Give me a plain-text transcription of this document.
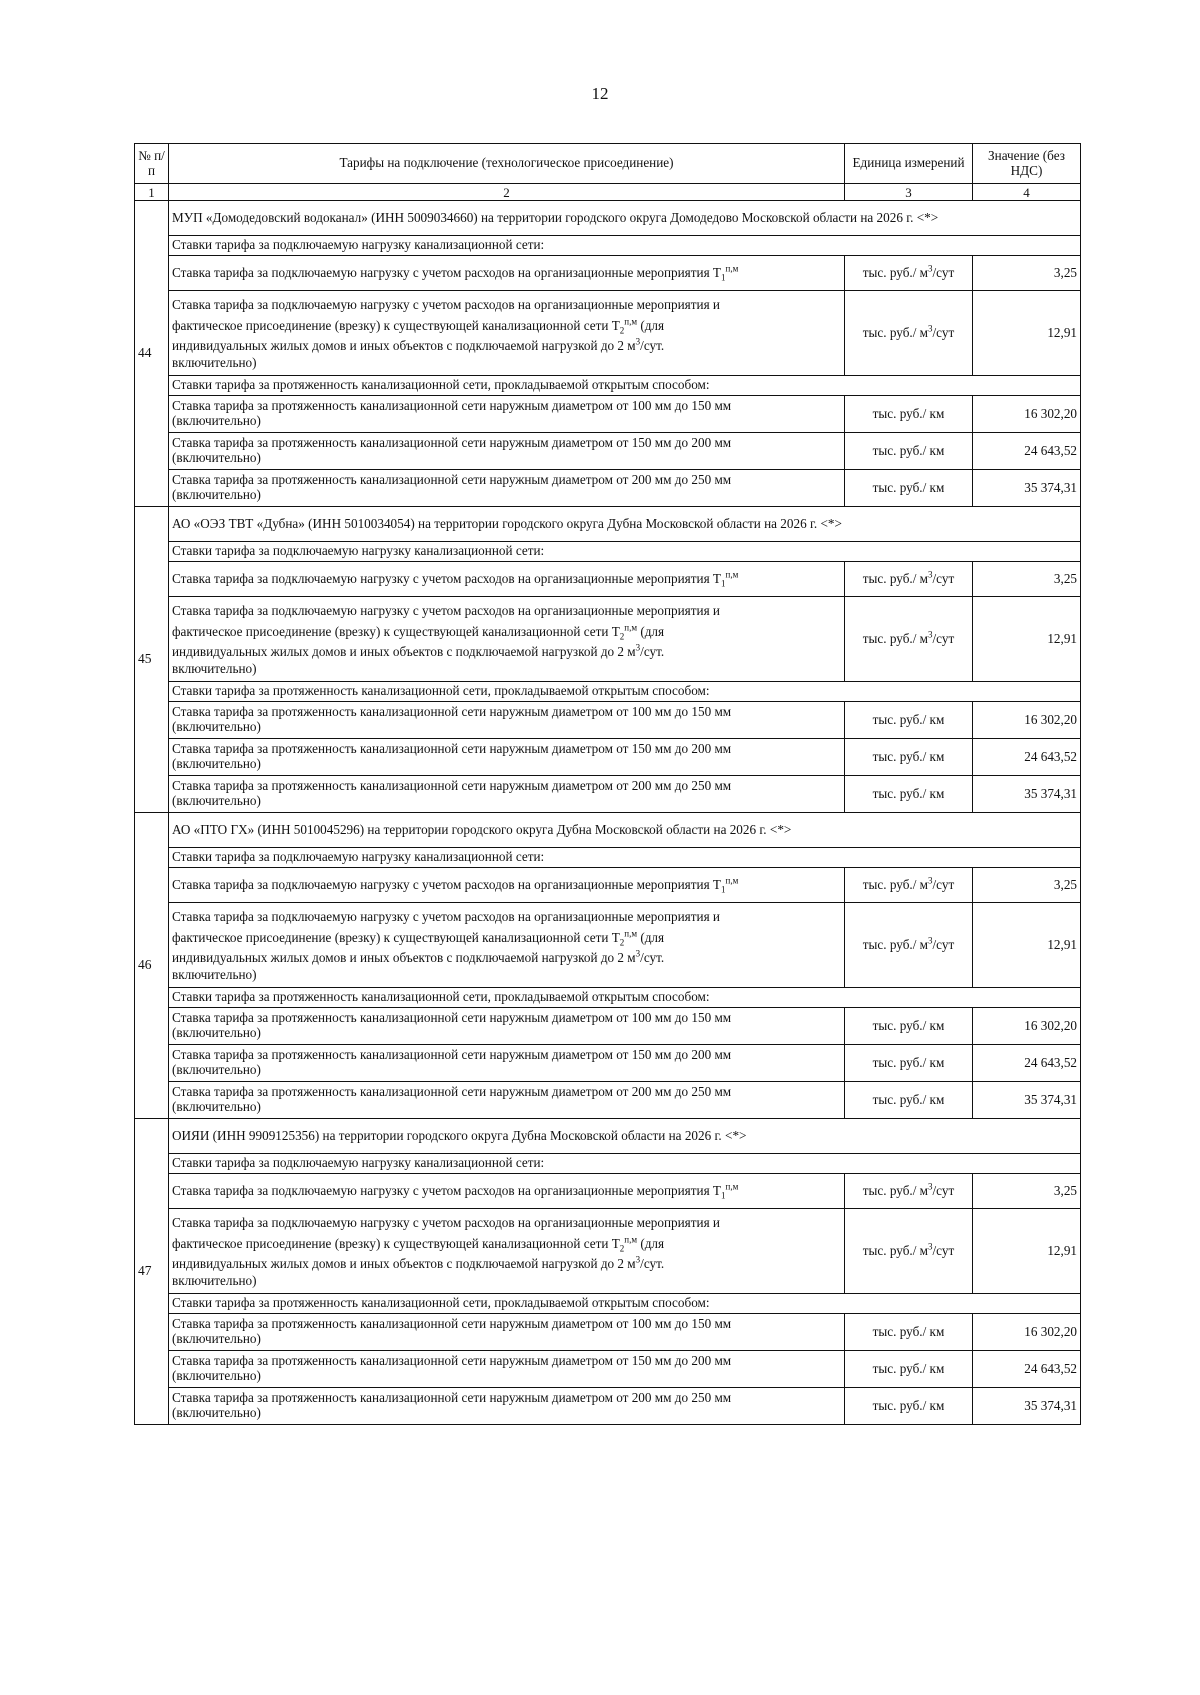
12
№ п/п	Тарифы на подключение (технологическое присоединение)	Единица измерений	Значение (без НДС)
1	2	3	4
44	МУП «Домодедовский водоканал» (ИНН 5009034660) на территории городского округа Домодедово Московской области на 2026 г. <*>		
	Ставки тарифа за подключаемую нагрузку канализационной сети:		
	Ставка тарифа за подключаемую нагрузку с учетом расходов на организационные мероприятия $T_1^{п,м}$	тыс. руб./ $м^3$/сут	3,25

	Ставка тарифа за подключаемую нагрузку с учетом расходов на организационные мероприятия и
фактическое присоединение (врезку) к существующей канализационной сети $T_2^{п,м}$ (для
индивидуальных жилых домов и иных объектов с подключаемой нагрузкой до 2 $м^3$/сут.
включительно)	тыс. руб./ $м^3$/сут	12,91
	Ставки тарифа за протяженность канализационной сети, прокладываемой открытым способом:		

	Ставка тарифа за протяженность канализационной сети наружным диаметром от 100 мм до 150 мм
(включительно)	тыс. руб./ км	16 302,20

	Ставка тарифа за протяженность канализационной сети наружным диаметром от 150 мм до 200 мм
(включительно)	тыс. руб./ км	24 643,52

	Ставка тарифа за протяженность канализационной сети наружным диаметром от 200 мм до 250 мм
(включительно)	тыс. руб./ км	35 374,31
45	АО «ОЭЗ ТВТ «Дубна» (ИНН 5010034054) на территории городского округа Дубна Московской области на 2026 г. <*>		
	Ставки тарифа за подключаемую нагрузку канализационной сети:		
	Ставка тарифа за подключаемую нагрузку с учетом расходов на организационные мероприятия $T_1^{п,м}$	тыс. руб./ $м^3$/сут	3,25

	Ставка тарифа за подключаемую нагрузку с учетом расходов на организационные мероприятия и
фактическое присоединение (врезку) к существующей канализационной сети $T_2^{п,м}$ (для
индивидуальных жилых домов и иных объектов с подключаемой нагрузкой до 2 $м^3$/сут.
включительно)	тыс. руб./ $м^3$/сут	12,91
	Ставки тарифа за протяженность канализационной сети, прокладываемой открытым способом:		

	Ставка тарифа за протяженность канализационной сети наружным диаметром от 100 мм до 150 мм
(включительно)	тыс. руб./ км	16 302,20

	Ставка тарифа за протяженность канализационной сети наружным диаметром от 150 мм до 200 мм
(включительно)	тыс. руб./ км	24 643,52

	Ставка тарифа за протяженность канализационной сети наружным диаметром от 200 мм до 250 мм
(включительно)	тыс. руб./ км	35 374,31
46	АО «ПТО ГХ» (ИНН 5010045296) на территории городского округа Дубна Московской области на 2026 г. <*>		
	Ставки тарифа за подключаемую нагрузку канализационной сети:		
	Ставка тарифа за подключаемую нагрузку с учетом расходов на организационные мероприятия $T_1^{п,м}$	тыс. руб./ $м^3$/сут	3,25

	Ставка тарифа за подключаемую нагрузку с учетом расходов на организационные мероприятия и
фактическое присоединение (врезку) к существующей канализационной сети $T_2^{п,м}$ (для
индивидуальных жилых домов и иных объектов с подключаемой нагрузкой до 2 $м^3$/сут.
включительно)	тыс. руб./ $м^3$/сут	12,91
	Ставки тарифа за протяженность канализационной сети, прокладываемой открытым способом:		

	Ставка тарифа за протяженность канализационной сети наружным диаметром от 100 мм до 150 мм
(включительно)	тыс. руб./ км	16 302,20

	Ставка тарифа за протяженность канализационной сети наружным диаметром от 150 мм до 200 мм
(включительно)	тыс. руб./ км	24 643,52

	Ставка тарифа за протяженность канализационной сети наружным диаметром от 200 мм до 250 мм
(включительно)	тыс. руб./ км	35 374,31
47	ОИЯИ (ИНН 9909125356) на территории городского округа Дубна Московской области на 2026 г. <*>		
	Ставки тарифа за подключаемую нагрузку канализационной сети:		
	Ставка тарифа за подключаемую нагрузку с учетом расходов на организационные мероприятия $T_1^{п,м}$	тыс. руб./ $м^3$/сут	3,25

	Ставка тарифа за подключаемую нагрузку с учетом расходов на организационные мероприятия и
фактическое присоединение (врезку) к существующей канализационной сети $T_2^{п,м}$ (для
индивидуальных жилых домов и иных объектов с подключаемой нагрузкой до 2 $м^3$/сут.
включительно)	тыс. руб./ $м^3$/сут	12,91
	Ставки тарифа за протяженность канализационной сети, прокладываемой открытым способом:		

	Ставка тарифа за протяженность канализационной сети наружным диаметром от 100 мм до 150 мм
(включительно)	тыс. руб./ км	16 302,20

	Ставка тарифа за протяженность канализационной сети наружным диаметром от 150 мм до 200 мм
(включительно)	тыс. руб./ км	24 643,52

	Ставка тарифа за протяженность канализационной сети наружным диаметром от 200 мм до 250 мм
(включительно)	тыс. руб./ км	35 374,31
